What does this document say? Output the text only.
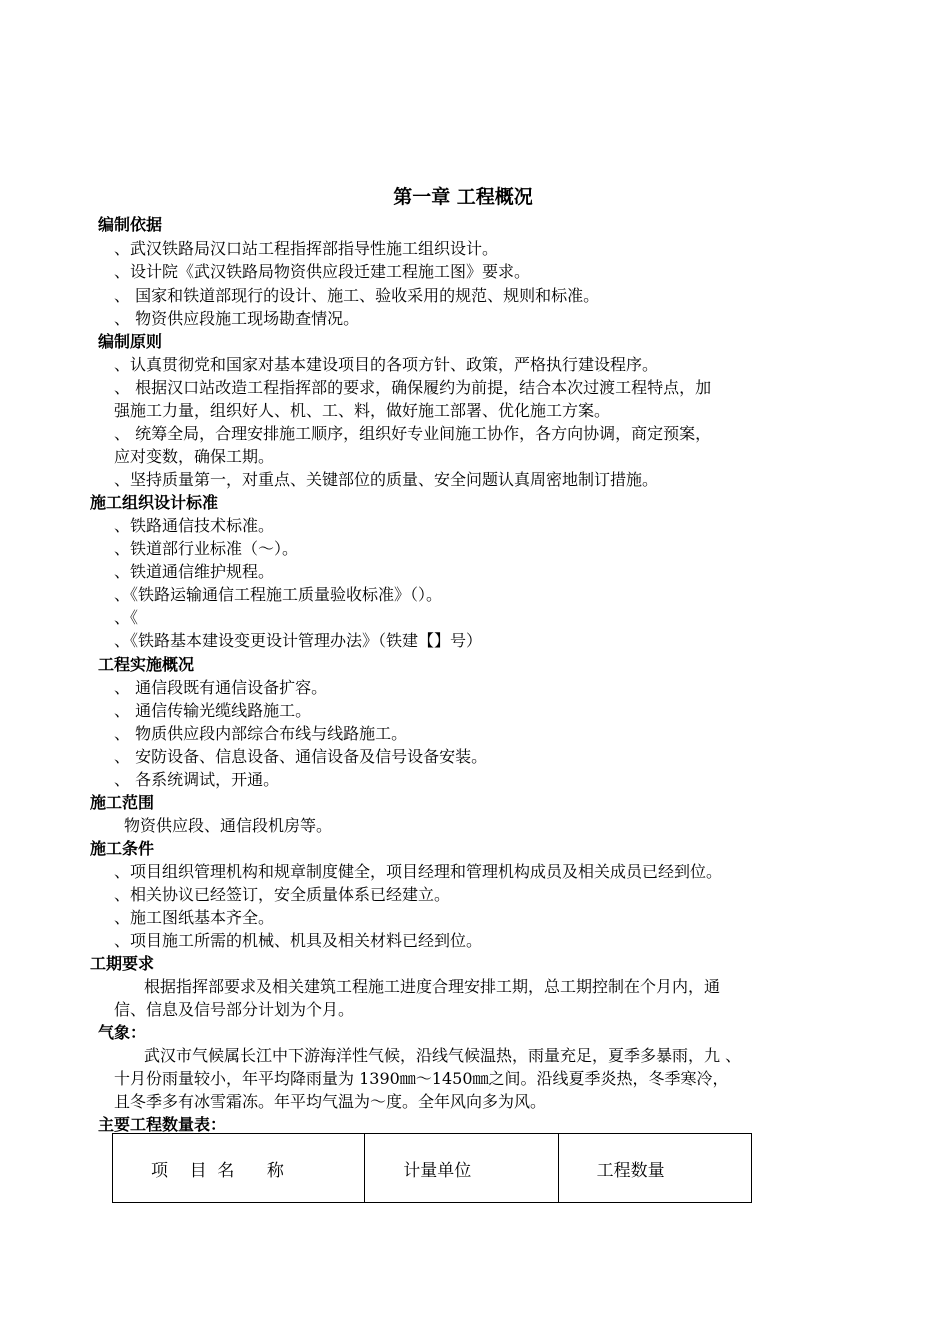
第一章 工程概况
编制依据
、武汉铁路局汉口站工程指挥部指导性施工组织设计。
、设计院《武汉铁路局物资供应段迁建工程施工图》要求。
、 国家和铁道部现行的设计、施工、验收采用的规范、规则和标准。
、 物资供应段施工现场勘查情况。
编制原则
、认真贯彻党和国家对基本建设项目的各项方针、政策，严格执行建设程序。
、 根据汉口站改造工程指挥部的要求，确保履约为前提，结合本次过渡工程特点，加
强施工力量，组织好人、机、工、料，做好施工部署、优化施工方案。
、 统筹全局，合理安排施工顺序，组织好专业间施工协作，各方向协调，商定预案，
应对变数，确保工期。
、坚持质量第一，对重点、关键部位的质量、安全问题认真周密地制订措施。
施工组织设计标准
、铁路通信技术标准。
、铁道部行业标准（～）。
、铁道通信维护规程。
、《铁路运输通信工程施工质量验收标准》（）。
、《
、《铁路基本建设变更设计管理办法》（铁建【】号）
工程实施概况
、 通信段既有通信设备扩容。
、 通信传输光缆线路施工。
、 物质供应段内部综合布线与线路施工。
、 安防设备、信息设备、通信设备及信号设备安装。
、 各系统调试，开通。
施工范围
物资供应段、通信段机房等。
施工条件
、项目组织管理机构和规章制度健全，项目经理和管理机构成员及相关成员已经到位。
、相关协议已经签订，安全质量体系已经建立。
、施工图纸基本齐全。
、项目施工所需的机械、机具及相关材料已经到位。
工期要求
根据指挥部要求及相关建筑工程施工进度合理安排工期，总工期控制在个月内，通
信、信息及信号部分计划为个月。
气象：
武汉市气候属长江中下游海洋性气候，沿线气候温热，雨量充足，夏季多暴雨，九 、
十月份雨量较小，年平均降雨量为 1390㎜～1450㎜之间。沿线夏季炎热，冬季寒冷，
且冬季多有冰雪霜冻。年平均气温为～度。全年风向多为风。
主要工程数量表：
项    目  名      称	计量单位	工程数量
